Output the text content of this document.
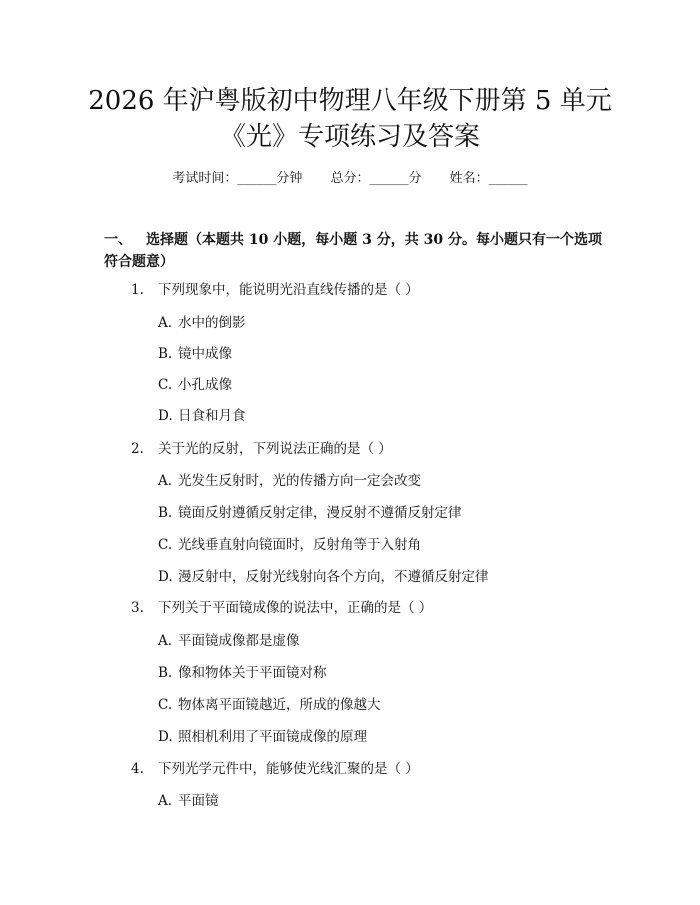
2026 年沪粤版初中物理八年级下册第 5 单元
《光》专项练习及答案
考试时间：______分钟 总分：______分 姓名：______
一、 选择题（本题共 10 小题，每小题 3 分，共 30 分。每小题只有一个选项符合题意）
1. 下列现象中，能说明光沿直线传播的是（ ）
A. 水中的倒影
B. 镜中成像
C. 小孔成像
D. 日食和月食
2. 关于光的反射，下列说法正确的是（ ）
A. 光发生反射时，光的传播方向一定会改变
B. 镜面反射遵循反射定律，漫反射不遵循反射定律
C. 光线垂直射向镜面时，反射角等于入射角
D. 漫反射中，反射光线射向各个方向，不遵循反射定律
3. 下列关于平面镜成像的说法中，正确的是（ ）
A. 平面镜成像都是虚像
B. 像和物体关于平面镜对称
C. 物体离平面镜越近，所成的像越大
D. 照相机利用了平面镜成像的原理
4. 下列光学元件中，能够使光线汇聚的是（ ）
A. 平面镜
